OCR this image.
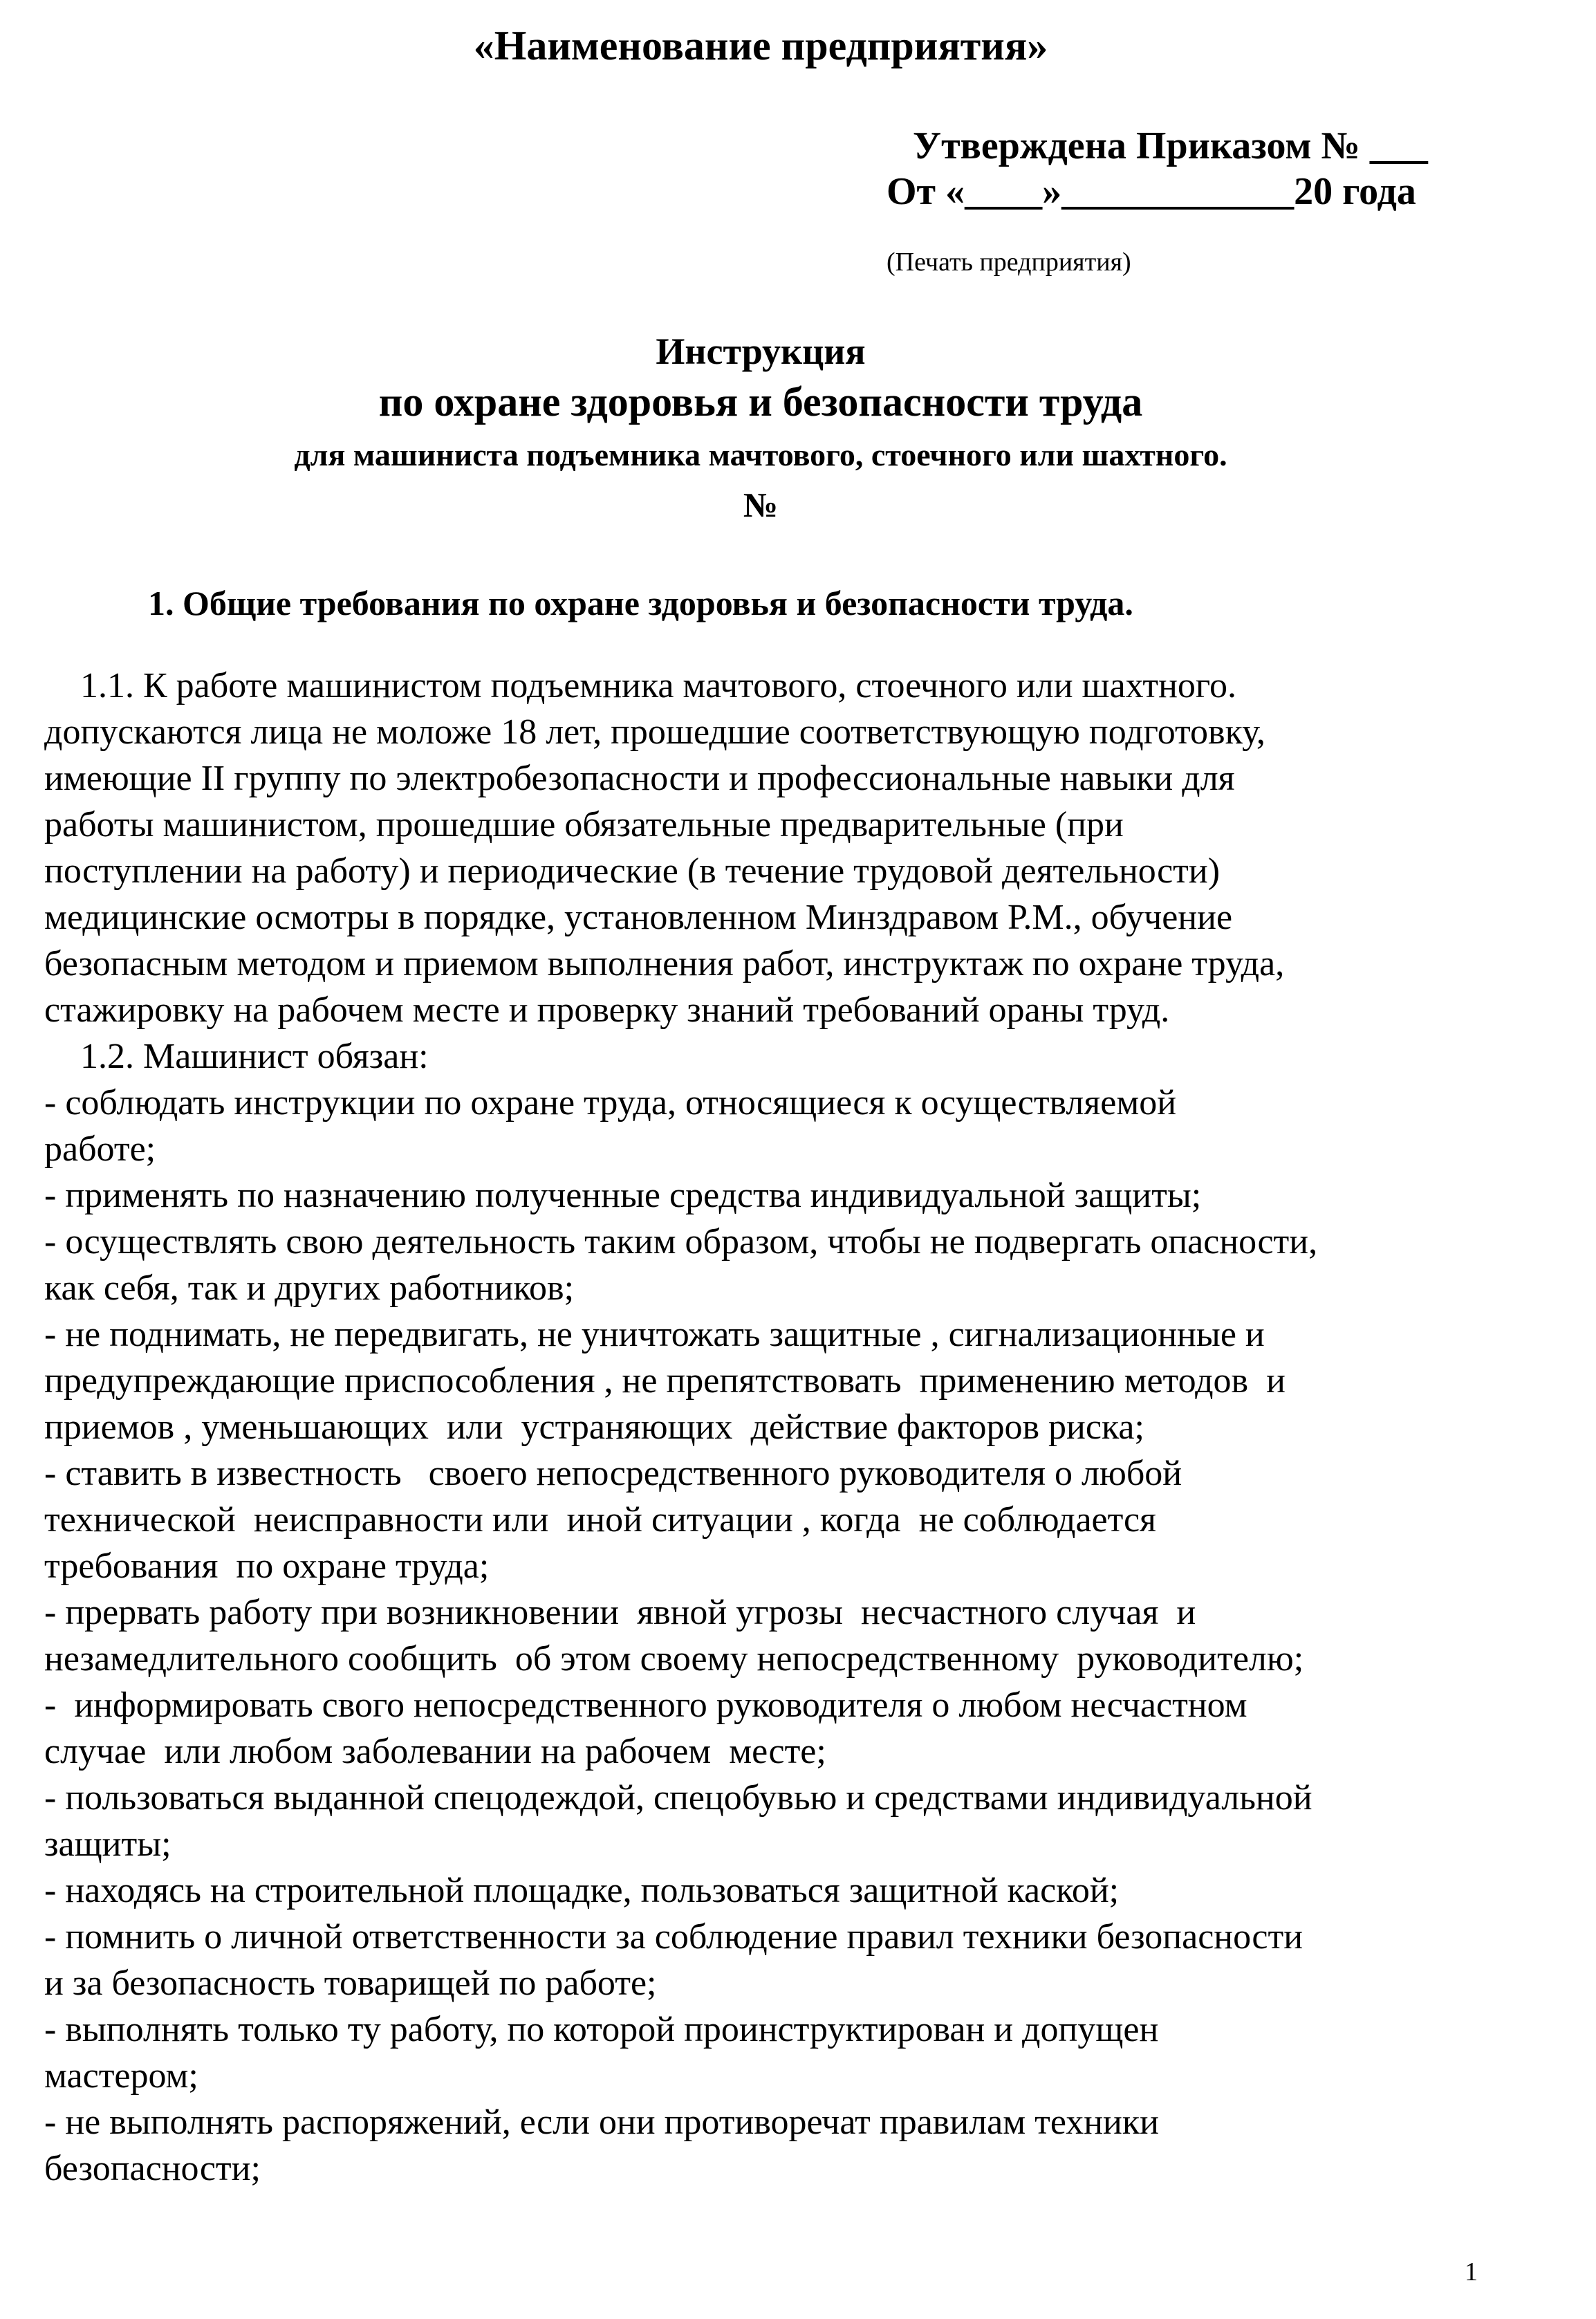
«Наименование предприятия»
Утверждена Приказом № ___
От «____»____________20 года
(Печать предприятия)
Инструкция
по охране здоровья и безопасности труда
для машиниста подъемника мачтового, стоечного или шахтного.
№
1. Общие требования по охране здоровья и безопасности труда.
1.1. К работе машинистом подъемника мачтового, стоечного или шахтного.
допускаются лица не моложе 18 лет, прошедшие соответствующую подготовку,
имеющие II группу по электробезопасности и профессиональные навыки для
работы машинистом, прошедшие обязательные предварительные (при
поступлении на работу) и периодические (в течение трудовой деятельности)
медицинские осмотры в порядке, установленном Минздравом Р.М., обучение
безопасным методом и приемом выполнения работ, инструктаж по охране труда,
стажировку на рабочем месте и проверку знаний требований ораны труд.
1.2. Машинист обязан:
- соблюдать инструкции по охране труда, относящиеся к осуществляемой
работе;
- применять по назначению полученные средства индивидуальной защиты;
- осуществлять свою деятельность таким образом, чтобы не подвергать опасности,
как себя, так и других работников;
- не поднимать, не передвигать, не уничтожать защитные , сигнализационные и
предупреждающие приспособления , не препятствовать  применению методов  и
приемов , уменьшающих  или  устраняющих  действие факторов риска;
- ставить в известность   своего непосредственного руководителя о любой
технической  неисправности или  иной ситуации , когда  не соблюдается
требования  по охране труда;
- прервать работу при возникновении  явной угрозы  несчастного случая  и
незамедлительного сообщить  об этом своему непосредственному  руководителю;
-  информировать свого непосредственного руководителя о любом несчастном
случае  или любом заболевании на рабочем  месте;
- пользоваться выданной спецодеждой, спецобувью и средствами индивидуальной
защиты;
- находясь на строительной площадке, пользоваться защитной каской;
- помнить о личной ответственности за соблюдение правил техники безопасности
и за безопасность товарищей по работе;
- выполнять только ту работу, по которой проинструктирован и допущен
мастером;
- не выполнять распоряжений, если они противоречат правилам техники
безопасности;
1
